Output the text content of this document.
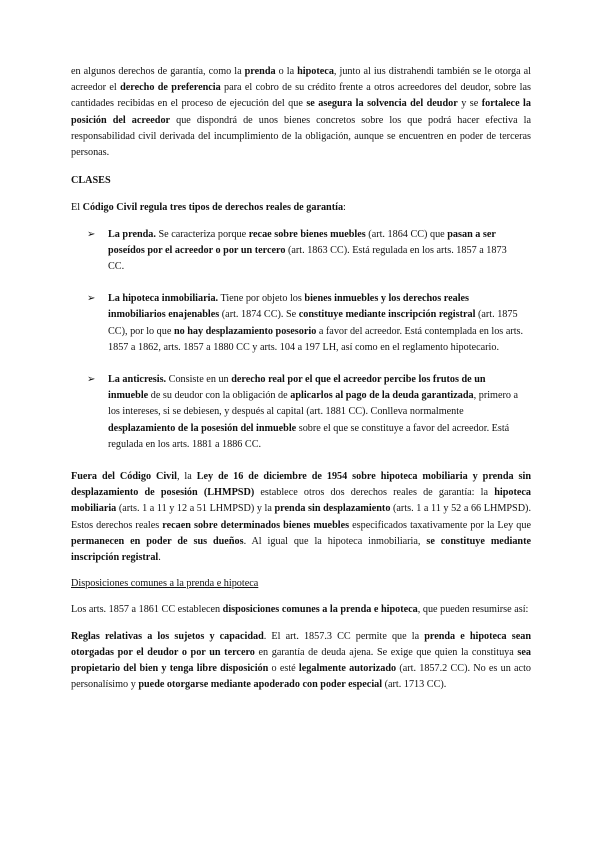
en algunos derechos de garantía, como la prenda o la hipoteca, junto al ius distrahendi también se le otorga al acreedor el derecho de preferencia para el cobro de su crédito frente a otros acreedores del deudor, sobre las cantidades recibidas en el proceso de ejecución del que se asegura la solvencia del deudor y se fortalece la posición del acreedor que dispondrá de unos bienes concretos sobre los que podrá hacer efectiva la responsabilidad civil derivada del incumplimiento de la obligación, aunque se encuentren en poder de terceras personas.

CLASES

El Código Civil regula tres tipos de derechos reales de garantía:

➢	La prenda. Se caracteriza porque recae sobre bienes muebles (art. 1864 CC) que pasan a ser poseídos por el acreedor o por un tercero (art. 1863 CC). Está regulada en los arts. 1857 a 1873 CC.

➢	La hipoteca inmobiliaria. Tiene por objeto los bienes inmuebles y los derechos reales inmobiliarios enajenables (art. 1874 CC). Se constituye mediante inscripción registral (art. 1875 CC), por lo que no hay desplazamiento posesorio a favor del acreedor. Está contemplada en los arts. 1857 a 1862, arts. 1857 a 1880 CC y arts. 104 a 197 LH, así como en el reglamento hipotecario.

➢	La anticresis. Consiste en un derecho real por el que el acreedor percibe los frutos de un inmueble de su deudor con la obligación de aplicarlos al pago de la deuda garantizada, primero a los intereses, si se debiesen, y después al capital (art. 1881 CC). Conlleva normalmente desplazamiento de la posesión del inmueble sobre el que se constituye a favor del acreedor. Está regulada en los arts. 1881 a 1886 CC.

Fuera del Código Civil, la Ley de 16 de diciembre de 1954 sobre hipoteca mobiliaria y prenda sin desplazamiento de posesión (LHMPSD) establece otros dos derechos reales de garantía: la hipoteca mobiliaria (arts. 1 a 11 y 12 a 51 LHMPSD) y la prenda sin desplazamiento (arts. 1 a 11 y 52 a 66 LHMPSD). Estos derechos reales recaen sobre determinados bienes muebles especificados taxativamente por la Ley que permanecen en poder de sus dueños. Al igual que la hipoteca inmobiliaria, se constituye mediante inscripción registral.

Disposiciones comunes a la prenda e hipoteca

Los arts. 1857 a 1861 CC establecen disposiciones comunes a la prenda e hipoteca, que pueden resumirse así:

Reglas relativas a los sujetos y capacidad. El art. 1857.3 CC permite que la prenda e hipoteca sean otorgadas por el deudor o por un tercero en garantía de deuda ajena. Se exige que quien la constituya sea propietario del bien y tenga libre disposición o esté legalmente autorizado (art. 1857.2 CC). No es un acto personalísimo y puede otorgarse mediante apoderado con poder especial (art. 1713 CC).
